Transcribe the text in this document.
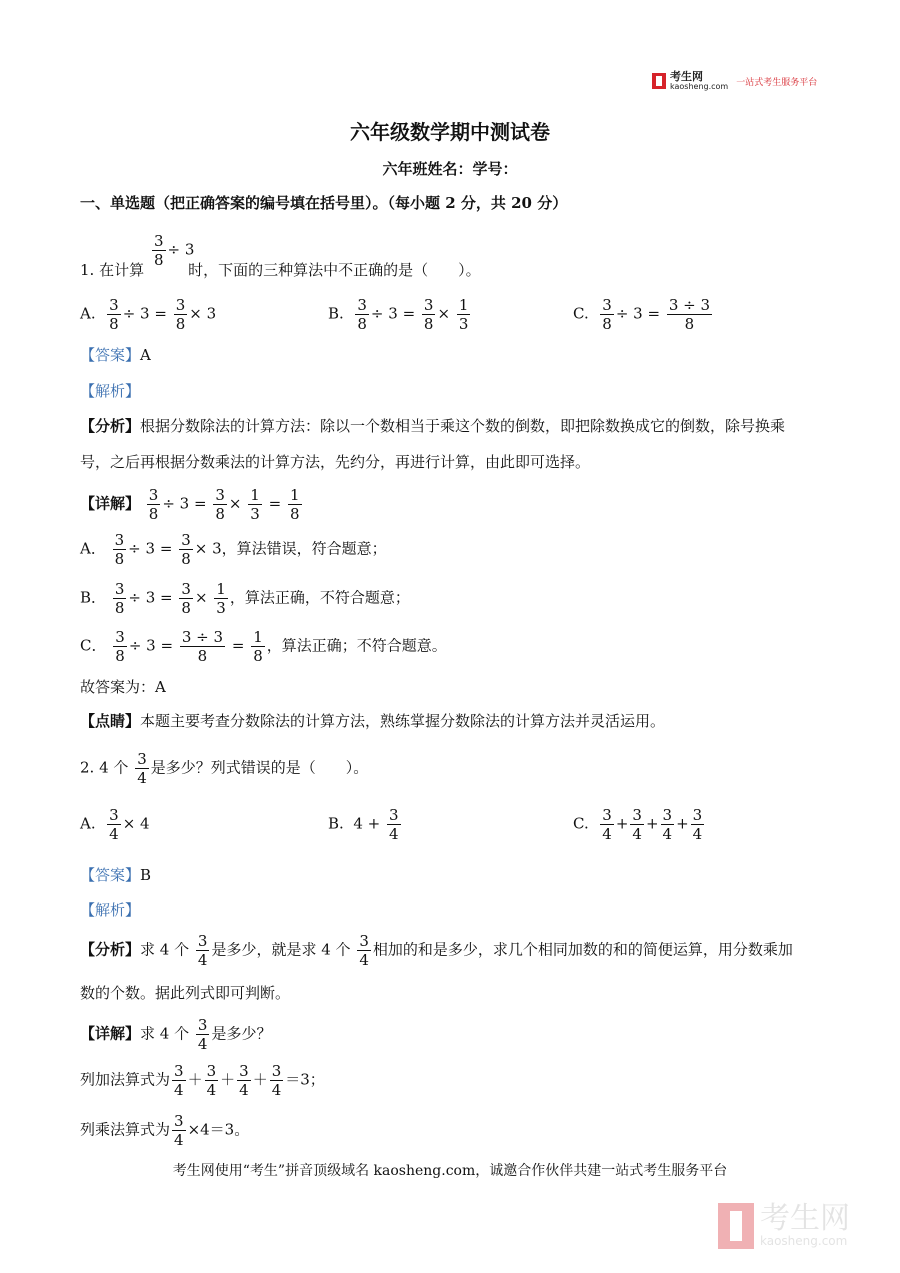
考生网
kaosheng.com 一站式考生服务平台
六年级数学期中测试卷
六年班姓名：学号：
一、单选题（把正确答案的编号填在括号里）。（每小题 2 分，共 20 分）
$\frac{3}{8} \div 3$
1. 在计算	时，下面的三种算法中不正确的是（　　）。
A. $\frac{3}{8} \div 3 = \frac{3}{8} \times 3$	B. $\frac{3}{8} \div 3 = \frac{3}{8} \times \frac{1}{3}$	C. $\frac{3}{8} \div 3 = \frac{3 \div 3}{8}$
【答案】A
【解析】
【分析】根据分数除法的计算方法：除以一个数相当于乘这个数的倒数，即把除数换成它的倒数，除号换乘
号，之后再根据分数乘法的计算方法，先约分，再进行计算，由此即可选择。
【详解】 $\frac{3}{8} \div 3 = \frac{3}{8} \times \frac{1}{3} = \frac{1}{8}$
A． $\frac{3}{8} \div 3 = \frac{3}{8} \times 3$，算法错误，符合题意；
B． $\frac{3}{8} \div 3 = \frac{3}{8} \times \frac{1}{3}$ ，算法正确，不符合题意；
C． $\frac{3}{8} \div 3 = \frac{3 \div 3}{8} = \frac{1}{8}$ ，算法正确；不符合题意。
故答案为：A
【点睛】本题主要考查分数除法的计算方法，熟练掌握分数除法的计算方法并灵活运用。
2. 4 个 $\frac{3}{4}$ 是多少？列式错误的是（　　）。
A. $\frac{3}{4} \times 4$	B. $4 + \frac{3}{4}$	C. $\frac{3}{4} + \frac{3}{4} + \frac{3}{4} + \frac{3}{4}$
【答案】B
【解析】
【分析】求 4 个 $\frac{3}{4}$ 是多少，就是求 4 个 $\frac{3}{4}$ 相加的和是多少，求几个相同加数的和的简便运算，用分数乘加
数的个数。据此列式即可判断。
【详解】求 4 个 $\frac{3}{4}$ 是多少？
列加法算式为 $\frac{3}{4} + \frac{3}{4} + \frac{3}{4} + \frac{3}{4} =3$；
列乘法算式为 $\frac{3}{4} \times 4=3$。
考生网使用“考生”拼音顶级域名 kaosheng.com，诚邀合作伙伴共建一站式考生服务平台
考生网
kaosheng.com
